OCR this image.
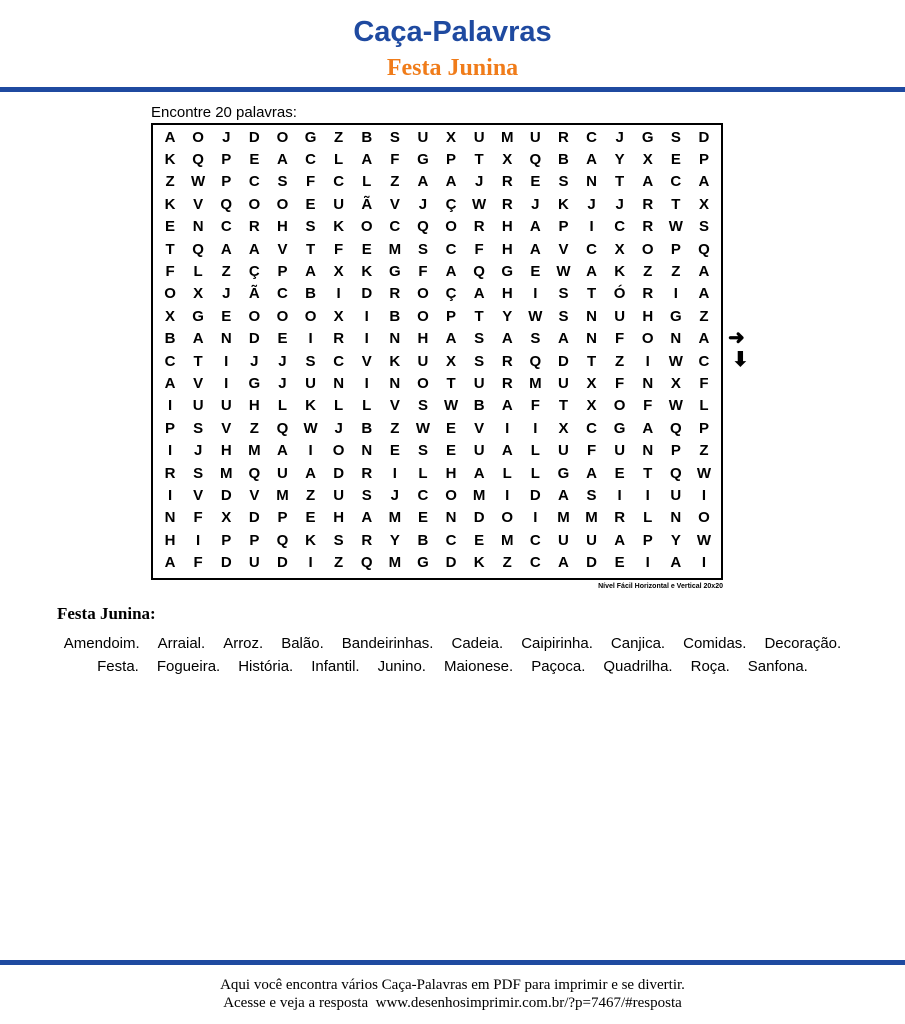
Caça-Palavras
Festa Junina
Encontre 20 palavras:
A	O	J	D	O	G	Z	B	S	U	X	U	M	U	R	C	J	G	S	D
K	Q	P	E	A	C	L	A	F	G	P	T	X	Q	B	A	Y	X	E	P
Z	W	P	C	S	F	C	L	Z	A	A	J	R	E	S	N	T	A	C	A
K	V	Q	O	O	E	U	Ã	V	J	Ç	W	R	J	K	J	J	R	T	X
E	N	C	R	H	S	K	O	C	Q	O	R	H	A	P	I	C	R	W	S
T	Q	A	A	V	T	F	E	M	S	C	F	H	A	V	C	X	O	P	Q
F	L	Z	Ç	P	A	X	K	G	F	A	Q	G	E	W	A	K	Z	Z	A
O	X	J	Ã	C	B	I	D	R	O	Ç	A	H	I	S	T	Ó	R	I	A
X	G	E	O	O	O	X	I	B	O	P	T	Y	W	S	N	U	H	G	Z
B	A	N	D	E	I	R	I	N	H	A	S	A	S	A	N	F	O	N	A
C	T	I	J	J	S	C	V	K	U	X	S	R	Q	D	T	Z	I	W	C
A	V	I	G	J	U	N	I	N	O	T	U	R	M	U	X	F	N	X	F
I	U	U	H	L	K	L	L	V	S	W	B	A	F	T	X	O	F	W	L
P	S	V	Z	Q	W	J	B	Z	W	E	V	I	I	X	C	G	A	Q	P
I	J	H	M	A	I	O	N	E	S	E	U	A	L	U	F	U	N	P	Z
R	S	M	Q	U	A	D	R	I	L	H	A	L	L	G	A	E	T	Q	W
I	V	D	V	M	Z	U	S	J	C	O	M	I	D	A	S	I	I	U	I
N	F	X	D	P	E	H	A	M	E	N	D	O	I	M	M	R	L	N	O
H	I	P	P	Q	K	S	R	Y	B	C	E	M	C	U	U	A	P	Y	W
A	F	D	U	D	I	Z	Q	M	G	D	K	Z	C	A	D	E	I	A	I
Nível Fácil Horizontal e Vertical 20x20
➜
⬇
Festa Junina:
Amendoim.	Arraial.	Arroz.	Balão.	Bandeirinhas.	Cadeia.	Caipirinha.	Canjica.	Comidas.	Decoração.
Festa.	Fogueira.	História.	Infantil.	Junino.	Maionese.	Paçoca.	Quadrilha.	Roça.	Sanfona.
Aqui você encontra vários Caça-Palavras em PDF para imprimir e se divertir.
Acesse e veja a resposta  www.desenhosimprimir.com.br/?p=7467/#resposta
